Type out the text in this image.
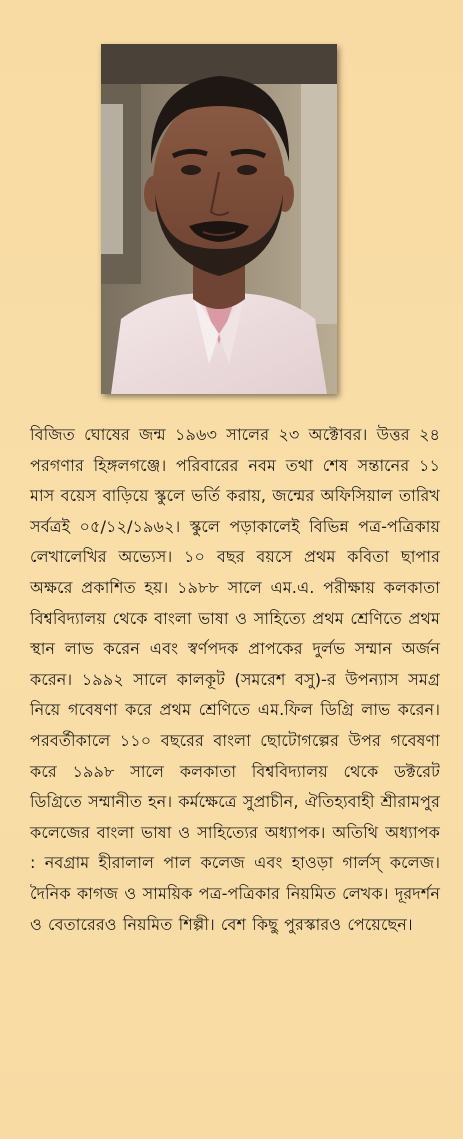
বিজিত ঘোষের জন্ম ১৯৬৩ সালের ২৩ অক্টোবর। উত্তর ২৪ পরগণার হিঙ্গলগঞ্জে। পরিবারের নবম তথা শেষ সন্তানের ১১ মাস বয়েস বাড়িয়ে স্কুলে ভর্তি করায়, জন্মের অফিসিয়াল তারিখ সর্বত্রই ০৫/১২/১৯৬২। স্কুলে পড়াকালেই বিভিন্ন পত্র-পত্রিকায় লেখালেখির অভ্যেস। ১০ বছর বয়সে প্রথম কবিতা ছাপার অক্ষরে প্রকাশিত হয়। ১৯৮৮ সালে এম.এ. পরীক্ষায় কলকাতা বিশ্ববিদ্যালয় থেকে বাংলা ভাষা ও সাহিত্যে প্রথম শ্রেণিতে প্রথম স্থান লাভ করেন এবং স্বর্ণপদক প্রাপকের দুর্লভ সম্মান অর্জন করেন। ১৯৯২ সালে কালকূট (সমরেশ বসু)-র উপন্যাস সমগ্র নিয়ে গবেষণা করে প্রথম শ্রেণিতে এম.ফিল ডিগ্রি লাভ করেন। পরবর্তীকালে ১১০ বছরের বাংলা ছোটোগল্পের উপর গবেষণা করে ১৯৯৮ সালে কলকাতা বিশ্ববিদ্যালয় থেকে ডক্টরেট ডিগ্রিতে সম্মানীত হন। কর্মক্ষেত্রে সুপ্রাচীন, ঐতিহ্যবাহী শ্রীরামপুর কলেজের বাংলা ভাষা ও সাহিত্যের অধ্যাপক। অতিথি অধ্যাপক : নবগ্রাম হীরালাল পাল কলেজ এবং হাওড়া গার্লস্ কলেজ। দৈনিক কাগজ ও সাময়িক পত্র-পত্রিকার নিয়মিত লেখক। দূরদর্শন ও বেতারেরও নিয়মিত শিল্পী। বেশ কিছু পুরস্কারও পেয়েছেন।
